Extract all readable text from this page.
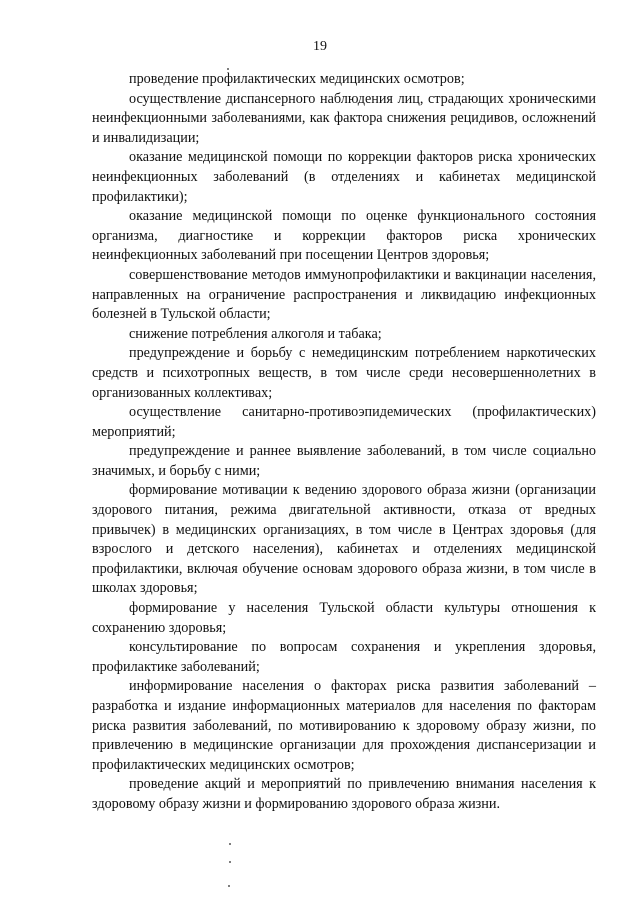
19

проведение профилактических медицинских осмотров;

осуществление диспансерного наблюдения лиц, страдающих хроническими неинфекционными заболеваниями, как фактора снижения рецидивов, осложнений и инвалидизации;

оказание медицинской помощи по коррекции факторов риска хронических неинфекционных заболеваний (в отделениях и кабинетах медицинской профилактики);

оказание медицинской помощи по оценке функционального состояния организма, диагностике и коррекции факторов риска хронических неинфекционных заболеваний при посещении Центров здоровья;

совершенствование методов иммунопрофилактики и вакцинации населения, направленных на ограничение распространения и ликвидацию инфекционных болезней в Тульской области;

снижение потребления алкоголя и табака;

предупреждение и борьбу с немедицинским потреблением наркотических средств и психотропных веществ, в том числе среди несовершеннолетних в организованных коллективах;

осуществление санитарно-противоэпидемических (профилактических) мероприятий;

предупреждение и раннее выявление заболеваний, в том числе социально значимых, и борьбу с ними;

формирование мотивации к ведению здорового образа жизни (организации здорового питания, режима двигательной активности, отказа от вредных привычек) в медицинских организациях, в том числе в Центрах здоровья (для взрослого и детского населения), кабинетах и отделениях медицинской профилактики, включая обучение основам здорового образа жизни, в том числе в школах здоровья;

формирование у населения Тульской области культуры отношения к сохранению здоровья;

консультирование по вопросам сохранения и укрепления здоровья, профилактике заболеваний;

информирование населения о факторах риска развития заболеваний – разработка и издание информационных материалов для населения по факторам риска развития заболеваний, по мотивированию к здоровому образу жизни, по привлечению в медицинские организации для прохождения диспансеризации и профилактических медицинских осмотров;

проведение акций и мероприятий по привлечению внимания населения к здоровому образу жизни и формированию здорового образа жизни.
